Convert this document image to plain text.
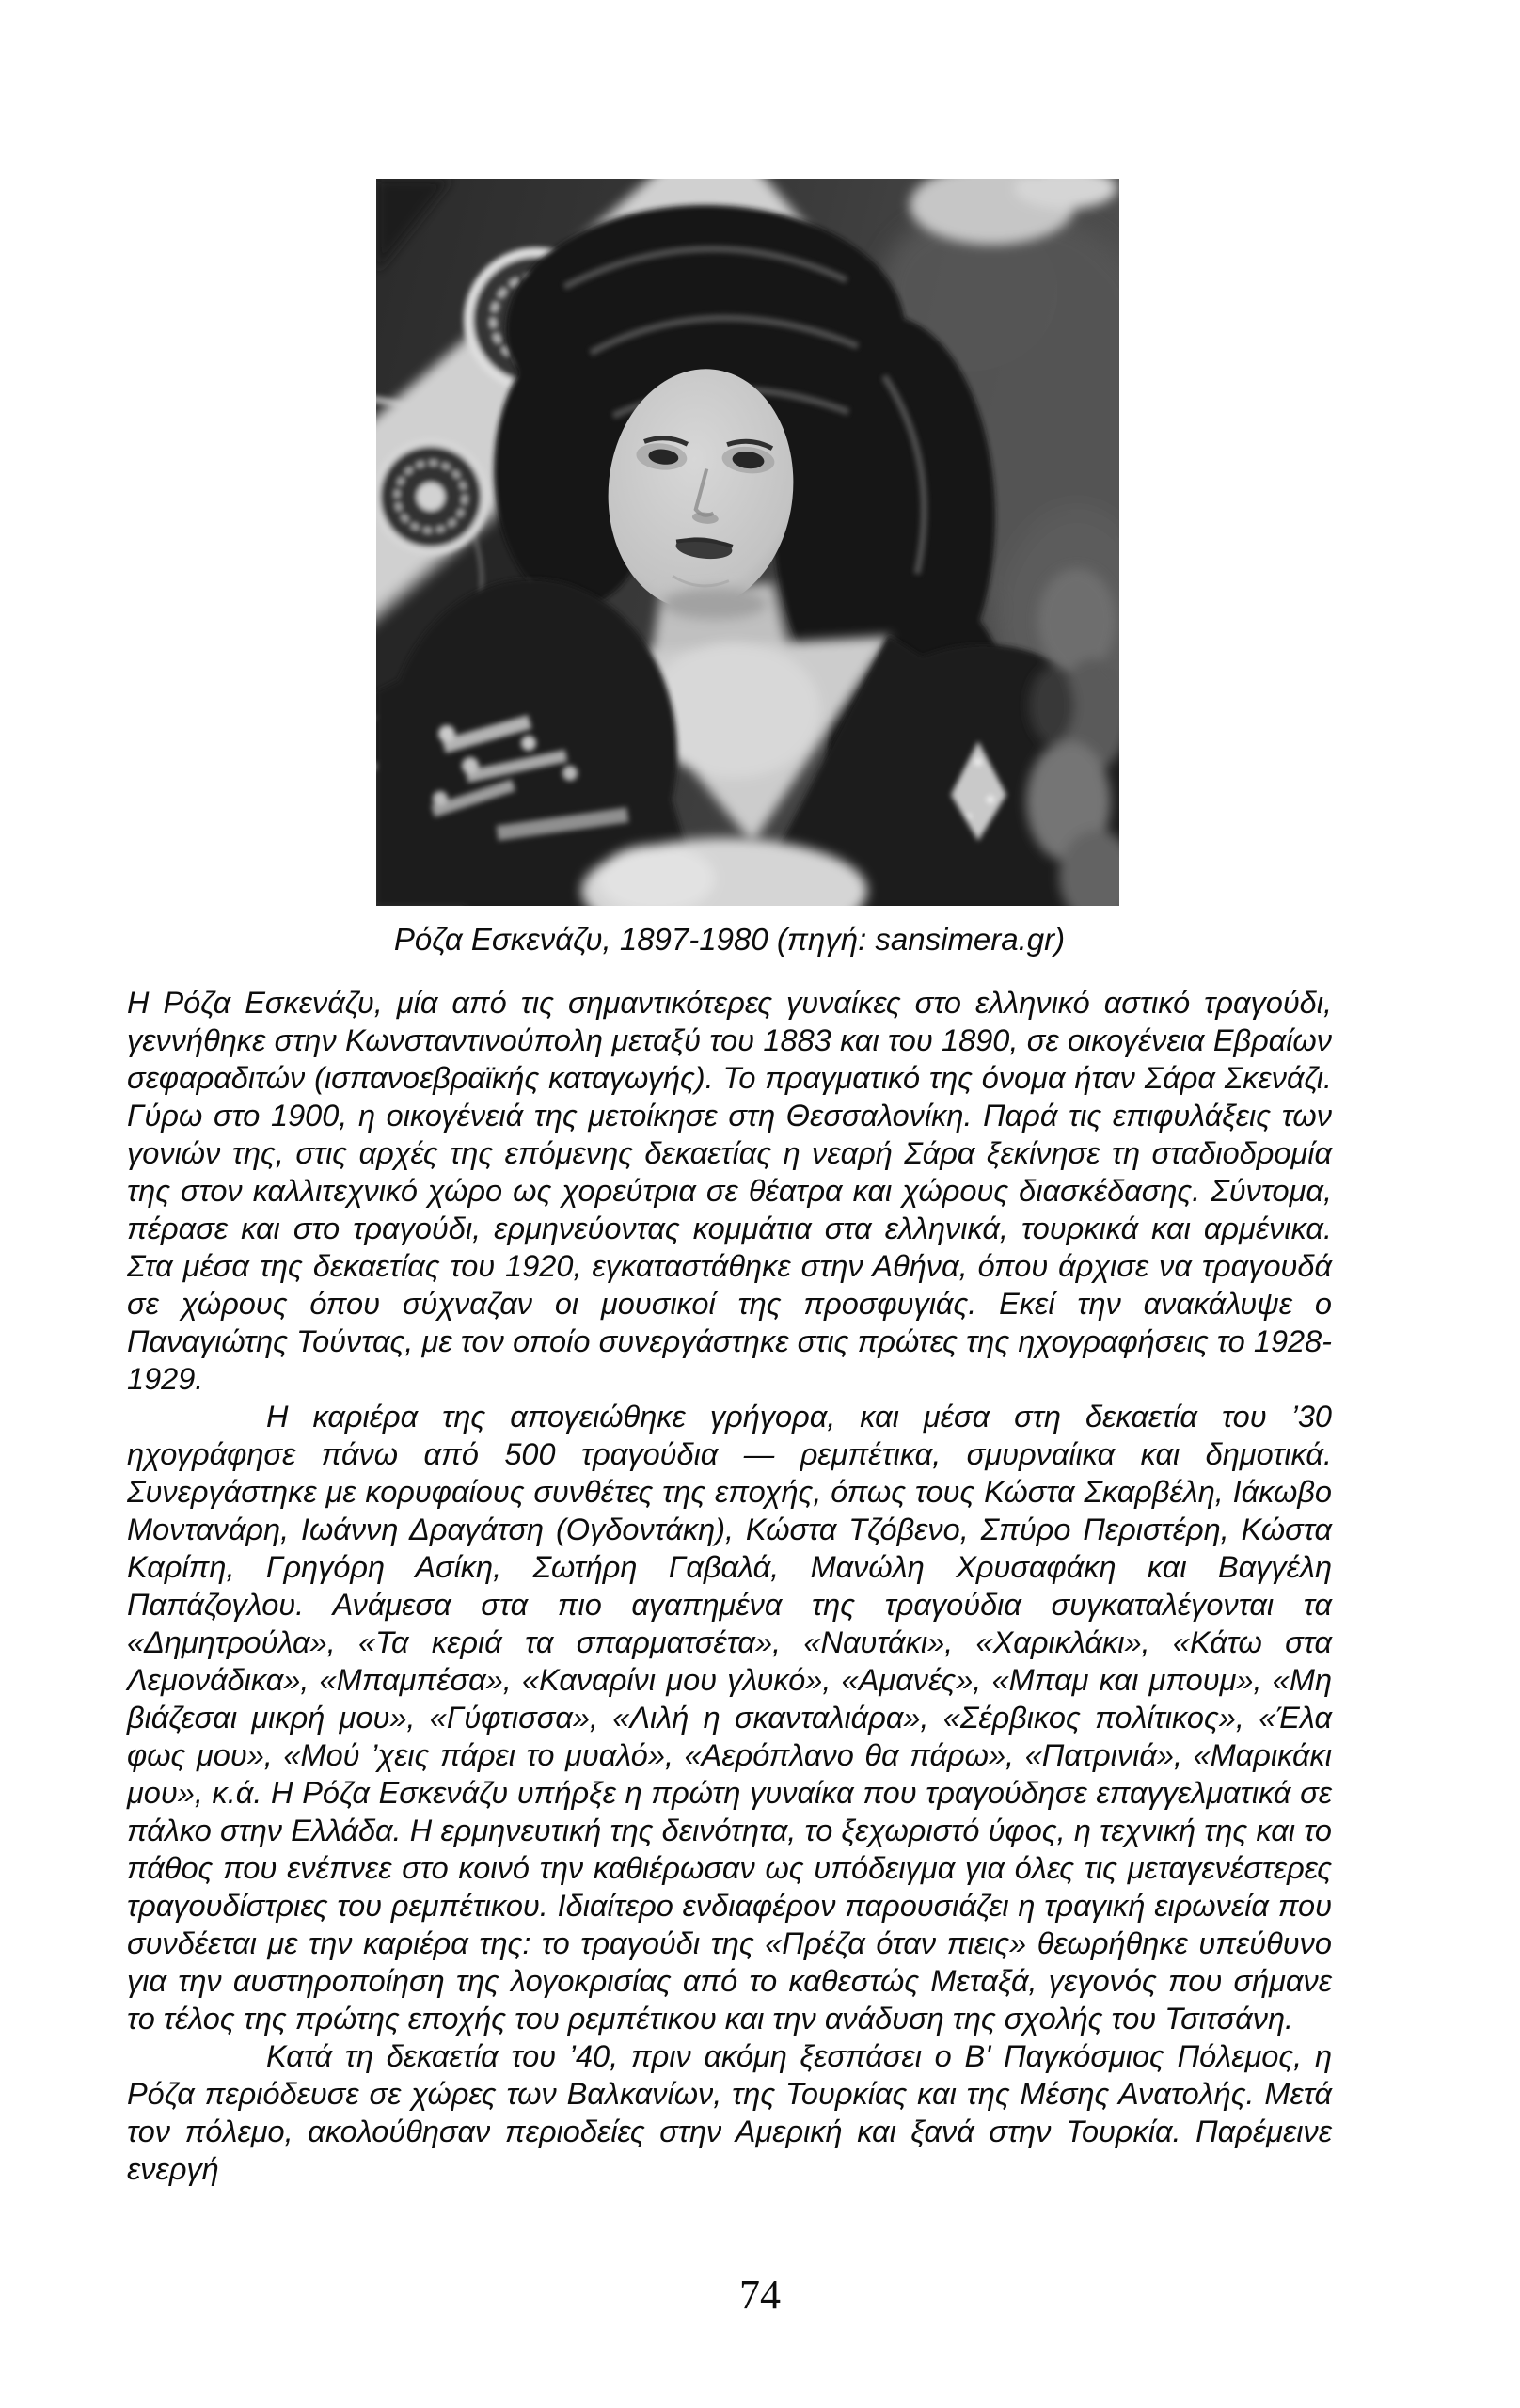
Ρόζα Εσκενάζυ, 1897-1980 (πηγή: sansimera.gr)

Η Ρόζα Εσκενάζυ, μία από τις σημαντικότερες γυναίκες στο ελληνικό αστικό τραγούδι, γεννήθηκε στην Κωνσταντινούπολη μεταξύ του 1883 και του 1890, σε οικογένεια Εβραίων σεφαραδιτών (ισπανοεβραϊκής καταγωγής). Το πραγματικό της όνομα ήταν Σάρα Σκενάζι. Γύρω στο 1900, η οικογένειά της μετοίκησε στη Θεσσαλονίκη. Παρά τις επιφυλάξεις των γονιών της, στις αρχές της επόμενης δεκαετίας η νεαρή Σάρα ξεκίνησε τη σταδιοδρομία της στον καλλιτεχνικό χώρο ως χορεύτρια σε θέατρα και χώρους διασκέδασης. Σύντομα, πέρασε και στο τραγούδι, ερμηνεύοντας κομμάτια στα ελληνικά, τουρκικά και αρμένικα. Στα μέσα της δεκαετίας του 1920, εγκαταστάθηκε στην Αθήνα, όπου άρχισε να τραγουδά σε χώρους όπου σύχναζαν οι μουσικοί της προσφυγιάς. Εκεί την ανακάλυψε ο Παναγιώτης Τούντας, με τον οποίο συνεργάστηκε στις πρώτες της ηχογραφήσεις το 1928-1929.

Η καριέρα της απογειώθηκε γρήγορα, και μέσα στη δεκαετία του ’30 ηχογράφησε πάνω από 500 τραγούδια — ρεμπέτικα, σμυρναίικα και δημοτικά. Συνεργάστηκε με κορυφαίους συνθέτες της εποχής, όπως τους Κώστα Σκαρβέλη, Ιάκωβο Μοντανάρη, Ιωάννη Δραγάτση (Ογδοντάκη), Κώστα Τζόβενο, Σπύρο Περιστέρη, Κώστα Καρίπη, Γρηγόρη Ασίκη, Σωτήρη Γαβαλά, Μανώλη Χρυσαφάκη και Βαγγέλη Παπάζογλου. Ανάμεσα στα πιο αγαπημένα της τραγούδια συγκαταλέγονται τα «Δημητρούλα», «Τα κεριά τα σπαρματσέτα», «Ναυτάκι», «Χαρικλάκι», «Κάτω στα Λεμονάδικα», «Μπαμπέσα», «Καναρίνι μου γλυκό», «Αμανές», «Μπαμ και μπουμ», «Μη βιάζεσαι μικρή μου», «Γύφτισσα», «Λιλή η σκανταλιάρα», «Σέρβικος πολίτικος», «Έλα φως μου», «Μού ’χεις πάρει το μυαλό», «Αερόπλανο θα πάρω», «Πατρινιά», «Μαρικάκι μου», κ.ά. Η Ρόζα Εσκενάζυ υπήρξε η πρώτη γυναίκα που τραγούδησε επαγγελματικά σε πάλκο στην Ελλάδα. Η ερμηνευτική της δεινότητα, το ξεχωριστό ύφος, η τεχνική της και το πάθος που ενέπνεε στο κοινό την καθιέρωσαν ως υπόδειγμα για όλες τις μεταγενέστερες τραγουδίστριες του ρεμπέτικου. Ιδιαίτερο ενδιαφέρον παρουσιάζει η τραγική ειρωνεία που συνδέεται με την καριέρα της: το τραγούδι της «Πρέζα όταν πιεις» θεωρήθηκε υπεύθυνο για την αυστηροποίηση της λογοκρισίας από το καθεστώς Μεταξά, γεγονός που σήμανε το τέλος της πρώτης εποχής του ρεμπέτικου και την ανάδυση της σχολής του Τσιτσάνη.

Κατά τη δεκαετία του ’40, πριν ακόμη ξεσπάσει ο Β' Παγκόσμιος Πόλεμος, η Ρόζα περιόδευσε σε χώρες των Βαλκανίων, της Τουρκίας και της Μέσης Ανατολής. Μετά τον πόλεμο, ακολούθησαν περιοδείες στην Αμερική και ξανά στην Τουρκία. Παρέμεινε ενεργή

74
